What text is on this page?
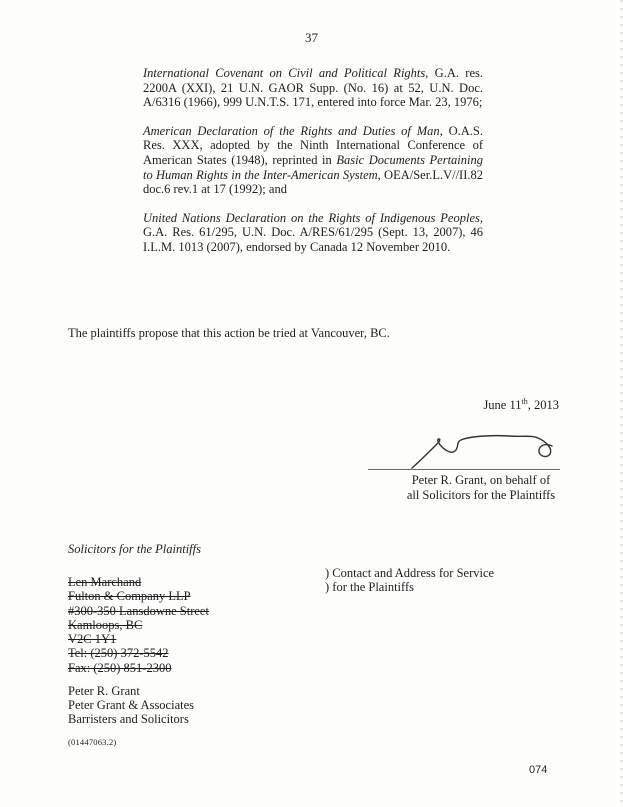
37

International Covenant on Civil and Political Rights, G.A. res. 2200A (XXI), 21 U.N. GAOR Supp. (No. 16) at 52, U.N. Doc. A/6316 (1966), 999 U.N.T.S. 171, entered into force Mar. 23, 1976;

American Declaration of the Rights and Duties of Man, O.A.S. Res. XXX, adopted by the Ninth International Conference of American States (1948), reprinted in Basic Documents Pertaining to Human Rights in the Inter-American System, OEA/Ser.L.V//II.82 doc.6 rev.1 at 17 (1992); and

United Nations Declaration on the Rights of Indigenous Peoples, G.A. Res. 61/295, U.N. Doc. A/RES/61/295 (Sept. 13, 2007), 46 I.L.M. 1013 (2007), endorsed by Canada 12 November 2010.

The plaintiffs propose that this action be tried at Vancouver, BC.
June 11th, 2013
Peter R. Grant, on behalf of
all Solicitors for the Plaintiffs
Solicitors for the Plaintiffs
Len Marchand
Fulton & Company LLP
#300-350 Lansdowne Street
Kamloops, BC
V2C 1Y1
Tel: (250) 372-5542
Fax: (250) 851-2300
) Contact and Address for Service
) for the Plaintiffs
Peter R. Grant
Peter Grant & Associates
Barristers and Solicitors
(01447063.2)
074
